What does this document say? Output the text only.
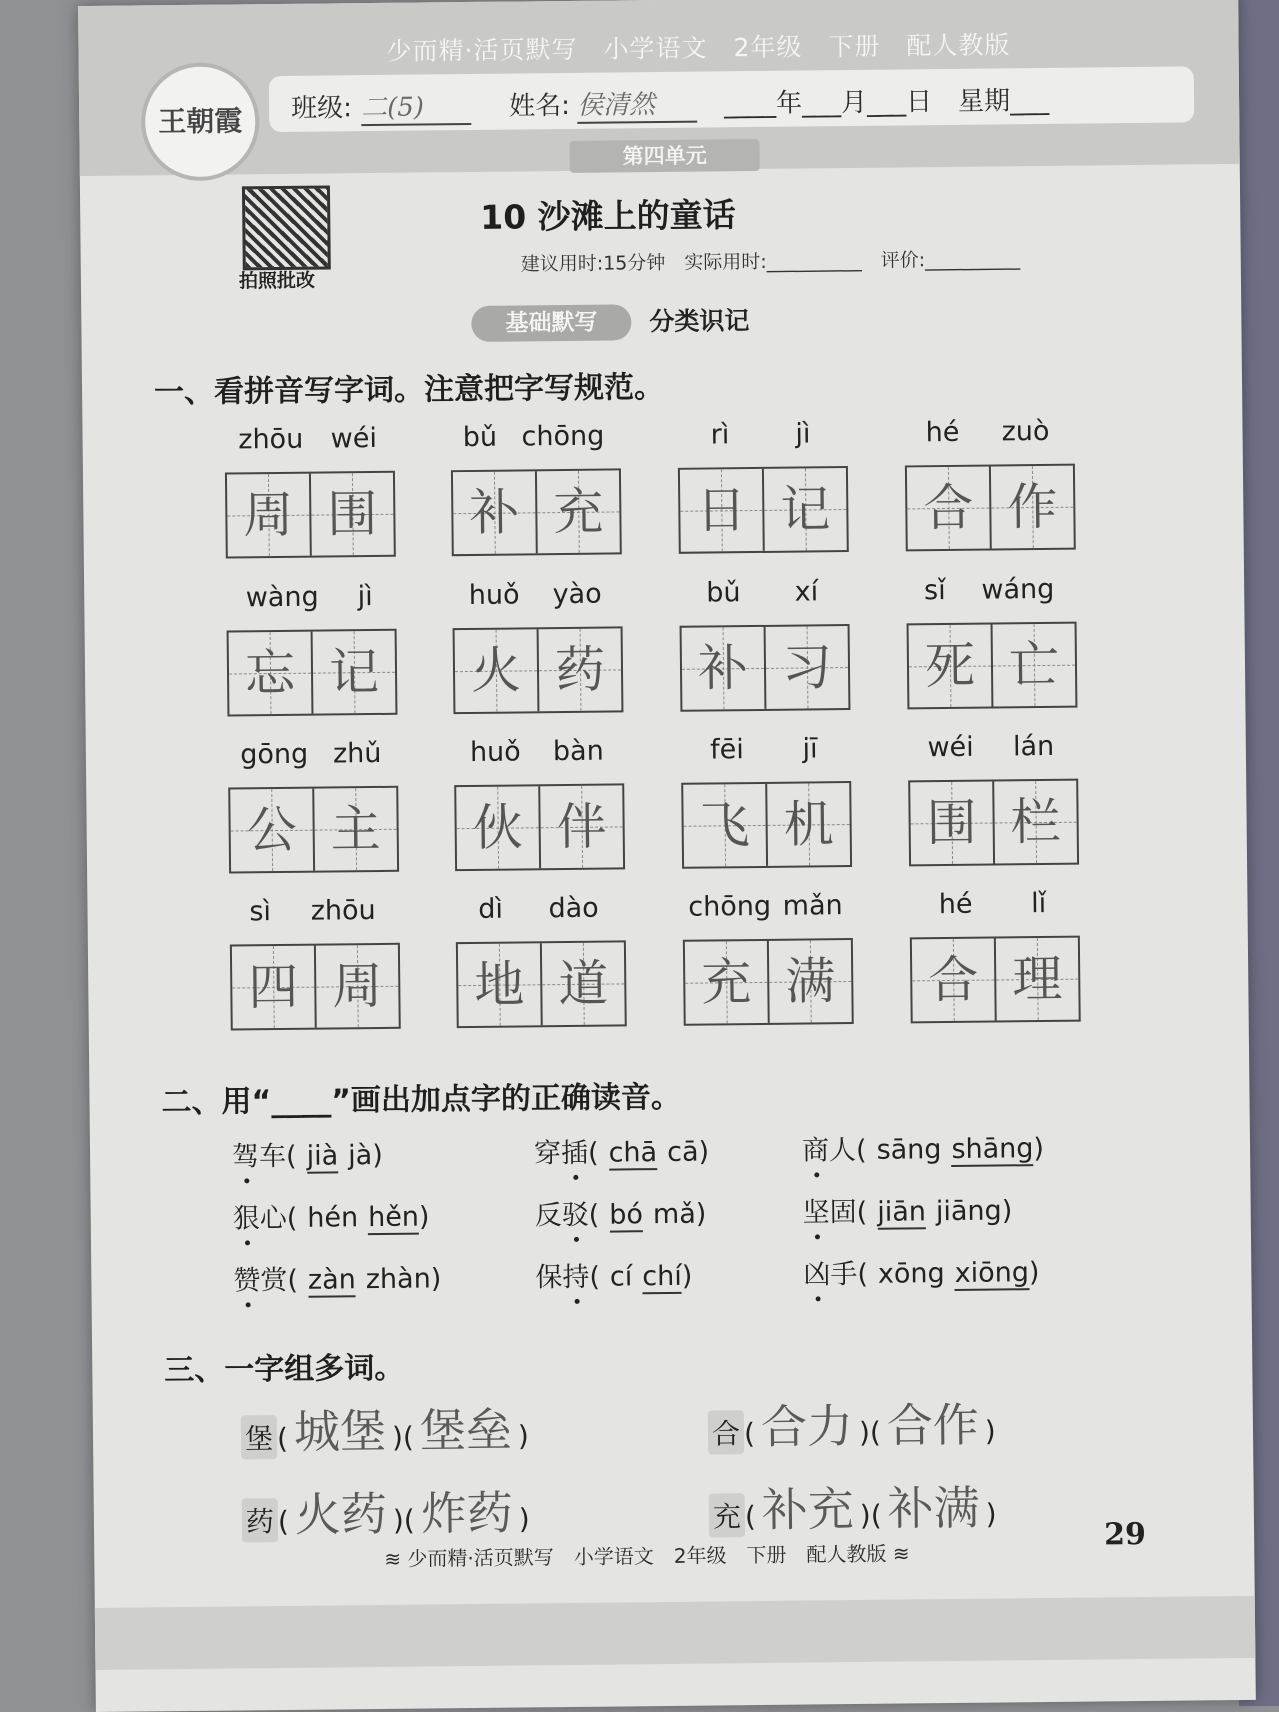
少而精·活页默写　小学语文　2年级　下册　配人教版
王朝霞	班级: 二(5)	姓名: 侯清然	____年___月___日　星期___
第四单元
拍照批改
10 沙滩上的童话
建议用时:15分钟　实际用时:__________　评价:__________
基础默写	分类识记
一、看拼音写字词。注意把字写规范。
zhōu wéi
周 围
bǔ chōng
补 充
rì jì
日 记
hé zuò
合 作
wàng jì
忘 记
huǒ yào
火 药
bǔ xí
补 习
sǐ wáng
死 亡
gōng zhǔ
公 主
huǒ bàn
伙 伴
fēi jī
飞 机
wéi lán
围 栏
sì zhōu
四 周
dì dào
地 道
chōng mǎn
充 满
hé lǐ
合 理
二、用“____”画出加点字的正确读音。
驾车( jià jà)	穿插( chā cā)	商人( sāng shāng)
狠心( hén hěn)	反驳( bó mǎ)	坚固( jiān jiāng)
赞赏( zàn zhàn)	保持( cí chí)	凶手( xōng xiōng)
三、一字组多词。
堡 ( 城堡 )( 堡垒 )
药 ( 火药 )( 炸药 )
合 ( 合力 )( 合作 )
充 ( 补充 )( 补满 )
≋ 少而精·活页默写　小学语文　2年级　下册　配人教版 ≋
29
